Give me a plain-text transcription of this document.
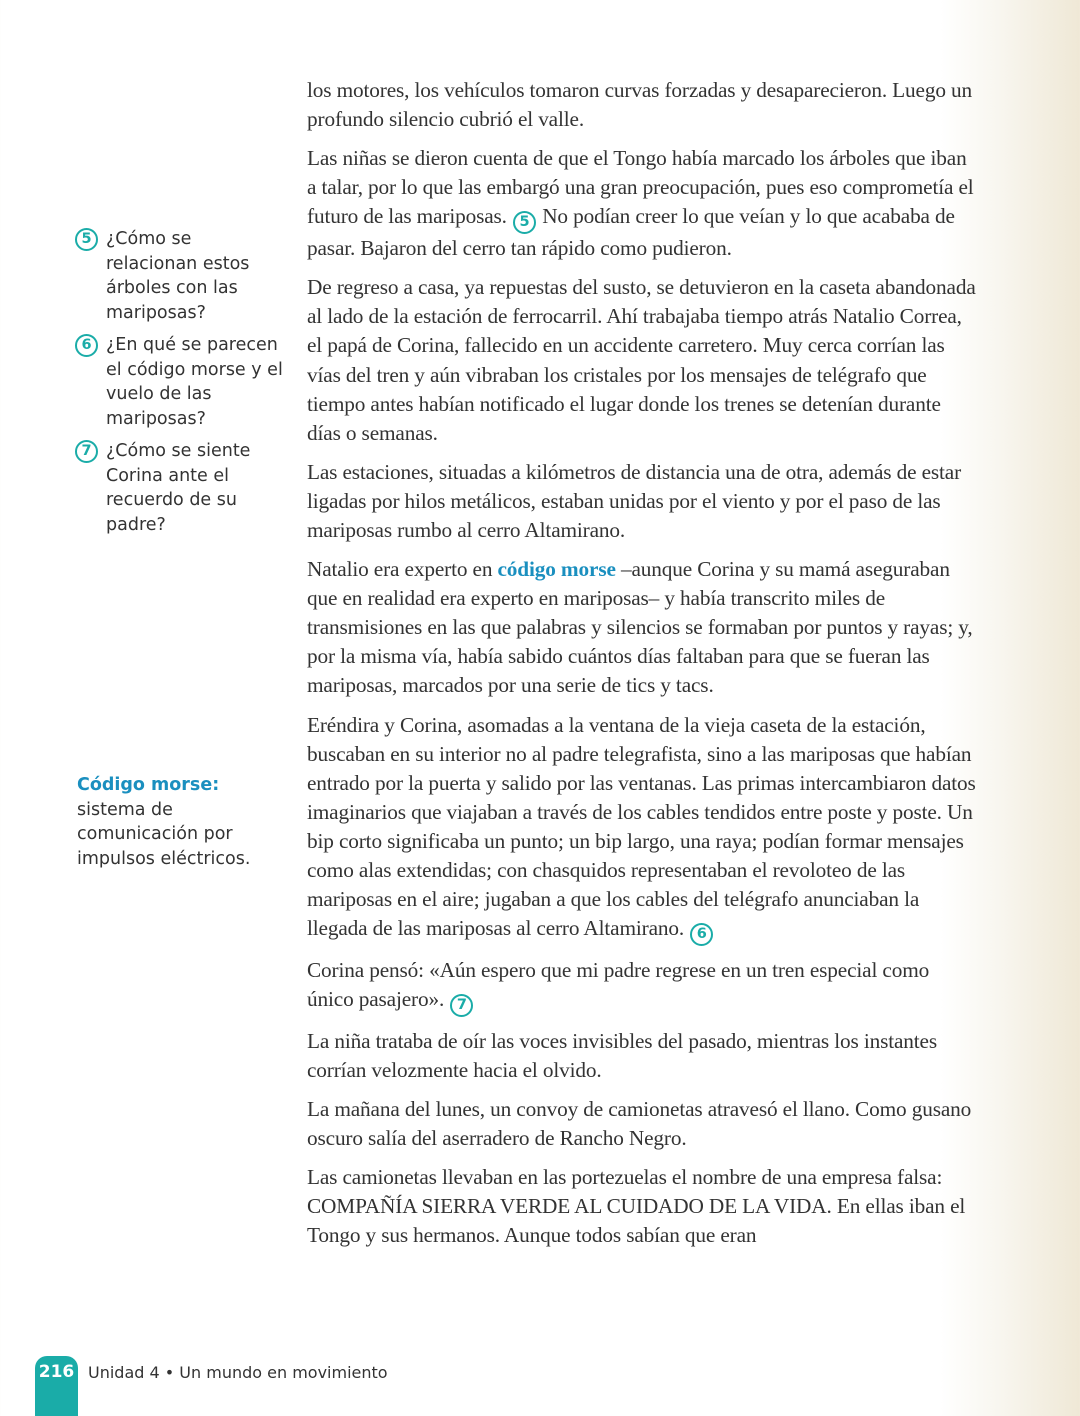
5 ¿Cómo se relacionan estos árboles con las mariposas?
6 ¿En qué se parecen el código morse y el vuelo de las mariposas?
7 ¿Cómo se siente Corina ante el recuerdo de su padre?
Código morse: sistema de comunicación por impulsos eléctricos.

los motores, los vehículos tomaron curvas forzadas y desaparecieron. Luego un profundo silencio cubrió el valle.

Las niñas se dieron cuenta de que el Tongo había marcado los árboles que iban a talar, por lo que las embargó una gran preocupación, pues eso comprometía el futuro de las mariposas. 5 No podían creer lo que veían y lo que acababa de pasar. Bajaron del cerro tan rápido como pudieron.

De regreso a casa, ya repuestas del susto, se detuvieron en la caseta abandonada al lado de la estación de ferrocarril. Ahí trabajaba tiempo atrás Natalio Correa, el papá de Corina, fallecido en un accidente carretero. Muy cerca corrían las vías del tren y aún vibraban los cristales por los mensajes de telégrafo que tiempo antes habían notificado el lugar donde los trenes se detenían durante días o semanas.

Las estaciones, situadas a kilómetros de distancia una de otra, además de estar ligadas por hilos metálicos, estaban unidas por el viento y por el paso de las mariposas rumbo al cerro Altamirano.

Natalio era experto en código morse –aunque Corina y su mamá aseguraban que en realidad era experto en mariposas– y había transcrito miles de transmisiones en las que palabras y silencios se formaban por puntos y rayas; y, por la misma vía, había sabido cuántos días faltaban para que se fueran las mariposas, marcados por una serie de tics y tacs.

Eréndira y Corina, asomadas a la ventana de la vieja caseta de la estación, buscaban en su interior no al padre telegrafista, sino a las mariposas que habían entrado por la puerta y salido por las ventanas. Las primas intercambiaron datos imaginarios que viajaban a través de los cables tendidos entre poste y poste. Un bip corto significaba un punto; un bip largo, una raya; podían formar mensajes como alas extendidas; con chasquidos representaban el revoloteo de las mariposas en el aire; jugaban a que los cables del telégrafo anunciaban la llegada de las mariposas al cerro Altamirano. 6

Corina pensó: «Aún espero que mi padre regrese en un tren especial como único pasajero». 7

La niña trataba de oír las voces invisibles del pasado, mientras los instantes corrían velozmente hacia el olvido.

La mañana del lunes, un convoy de camionetas atravesó el llano. Como gusano oscuro salía del aserradero de Rancho Negro.

Las camionetas llevaban en las portezuelas el nombre de una empresa falsa: COMPAÑÍA SIERRA VERDE AL CUIDADO DE LA VIDA. En ellas iban el Tongo y sus hermanos. Aunque todos sabían que eran

216 Unidad 4 • Un mundo en movimiento
